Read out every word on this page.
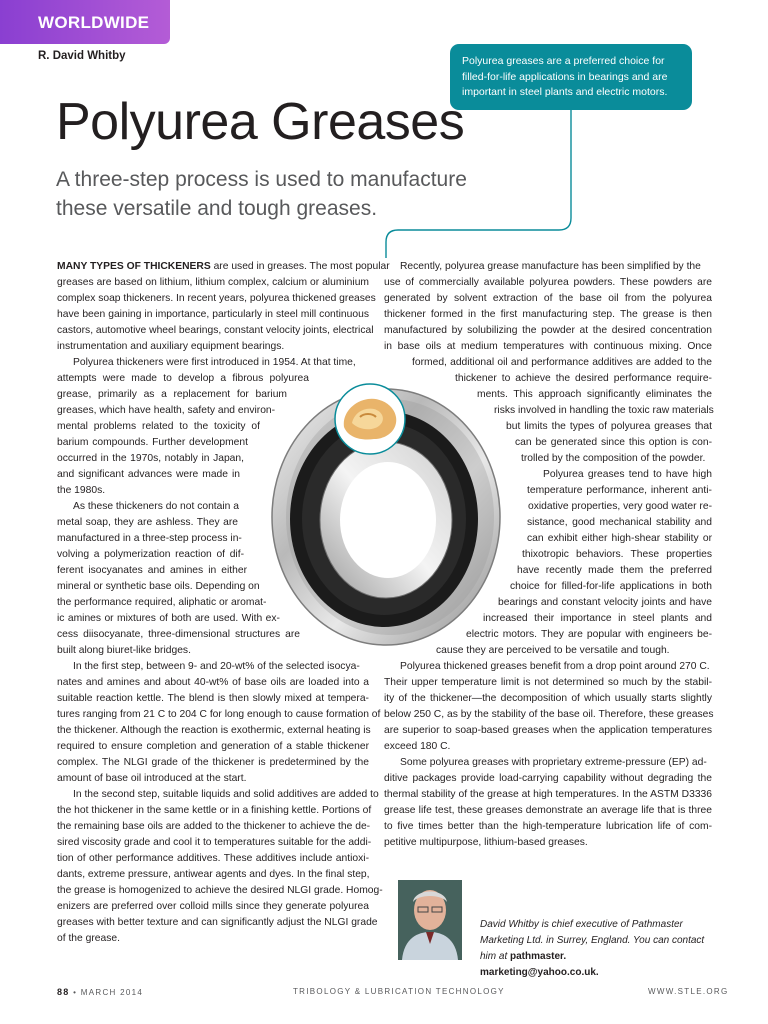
WORLDWIDE
R. David Whitby	Polyurea greases are a preferred choice for filled-for-life applications in bearings and are important in steel plants and electric motors.
Polyurea Greases

A three-step process is used to manufacture these versatile and tough greases.

MANY TYPES OF THICKENERS are used in greases. The most popular
greases are based on lithium, lithium complex, calcium or aluminium
complex soap thickeners. In recent years, polyurea thickened greases
have been gaining in importance, particularly in steel mill continuous
castors, automotive wheel bearings, constant velocity joints, electrical
instrumentation and auxiliary equipment bearings.
Polyurea thickeners were first introduced in 1954. At that time,
attempts were made to develop a fibrous polyurea
grease, primarily as a replacement for barium
greases, which have health, safety and environ-
mental problems related to the toxicity of
barium compounds. Further development
occurred in the 1970s, notably in Japan,
and significant advances were made in
the 1980s.
As these thickeners do not contain a
metal soap, they are ashless. They are
manufactured in a three-step process in-
volving a polymerization reaction of dif-
ferent isocyanates and amines in either
mineral or synthetic base oils. Depending on
the performance required, aliphatic or aromat-
ic amines or mixtures of both are used. With ex-
cess diisocyanate, three-dimensional structures are
built along biuret-like bridges.
In the first step, between 9- and 20-wt% of the selected isocya-
nates and amines and about 40-wt% of base oils are loaded into a
suitable reaction kettle. The blend is then slowly mixed at tempera-
tures ranging from 21 C to 204 C for long enough to cause formation of
the thickener. Although the reaction is exothermic, external heating is
required to ensure completion and generation of a stable thickener
complex. The NLGI grade of the thickener is predetermined by the
amount of base oil introduced at the start.
In the second step, suitable liquids and solid additives are added to
the hot thickener in the same kettle or in a finishing kettle. Portions of
the remaining base oils are added to the thickener to achieve the de-
sired viscosity grade and cool it to temperatures suitable for the addi-
tion of other performance additives. These additives include antioxi-
dants, extreme pressure, antiwear agents and dyes. In the final step,
the grease is homogenized to achieve the desired NLGI grade. Homog-
enizers are preferred over colloid mills since they generate polyurea
greases with better texture and can significantly adjust the NLGI grade
of the grease.
Recently, polyurea grease manufacture has been simplified by the
use of commercially available polyurea powders. These powders are
generated by solvent extraction of the base oil from the polyurea
thickener formed in the first manufacturing step. The grease is then
manufactured by solubilizing the powder at the desired concentration
in base oils at medium temperatures with continuous mixing. Once
formed, additional oil and performance additives are added to the
thickener to achieve the desired performance require-
ments. This approach significantly eliminates the
risks involved in handling the toxic raw materials
but limits the types of polyurea greases that
can be generated since this option is con-
trolled by the composition of the powder.
Polyurea greases tend to have high
temperature performance, inherent anti-
oxidative properties, very good water re-
sistance, good mechanical stability and
can exhibit either high-shear stability or
thixotropic behaviors. These properties
have recently made them the preferred
choice for filled-for-life applications in both
bearings and constant velocity joints and have
increased their importance in steel plants and
electric motors. They are popular with engineers be-
cause they are perceived to be versatile and tough.
Polyurea thickened greases benefit from a drop point around 270 C.
Their upper temperature limit is not determined so much by the stabil-
ity of the thickener—the decomposition of which usually starts slightly
below 250 C, as by the stability of the base oil. Therefore, these greases
are superior to soap-based greases when the application temperatures
exceed 180 C.
Some polyurea greases with proprietary extreme-pressure (EP) ad-
ditive packages provide load-carrying capability without degrading the
thermal stability of the grease at high temperatures. In the ASTM D3336
grease life test, these greases demonstrate an average life that is three
to five times better than the high-temperature lubrication life of com-
petitive multipurpose, lithium-based greases.
David Whitby is chief executive of Pathmaster Marketing Ltd. in Surrey, England. You can contact him at pathmaster.
marketing@yahoo.co.uk.
88 • MARCH 2014	TRIBOLOGY & LUBRICATION TECHNOLOGY	WWW.STLE.ORG
